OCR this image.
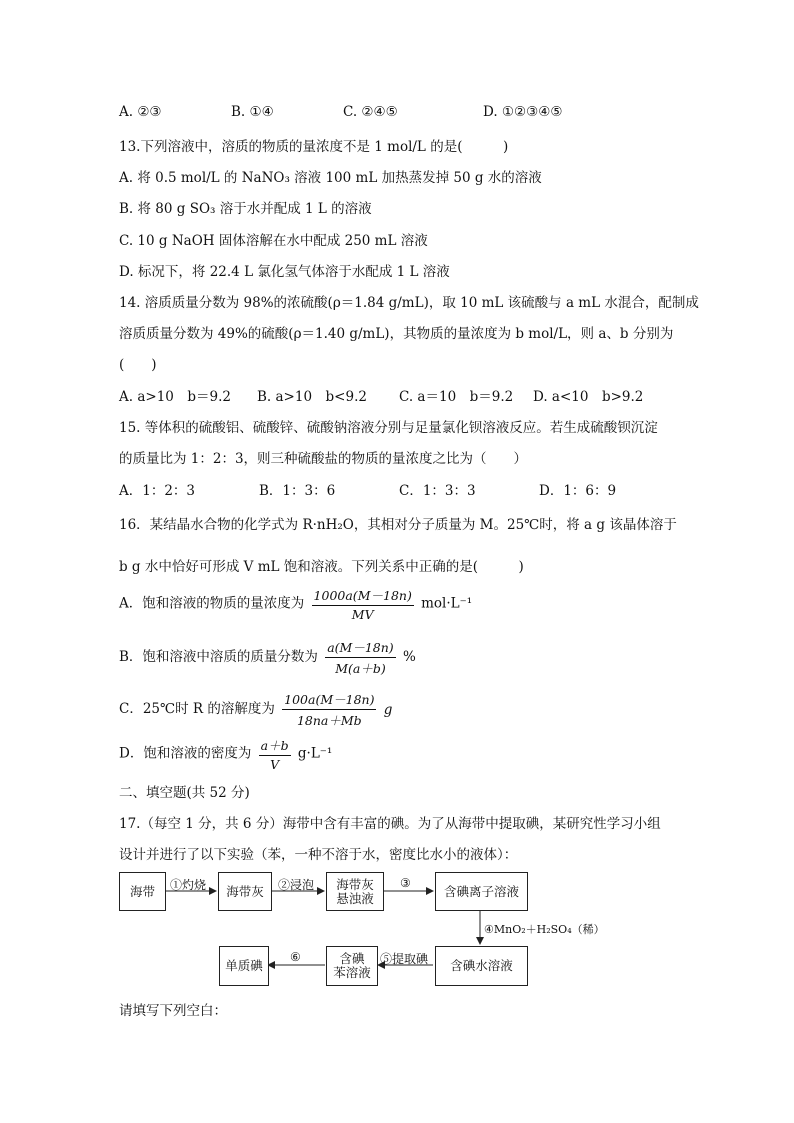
A. ②③	B. ①④	C. ②④⑤	D. ①②③④⑤
13.下列溶液中，溶质的物质的量浓度不是 1 mol/L 的是(　　　)
A. 将 0.5 mol/L 的 NaNO₃ 溶液 100 mL 加热蒸发掉 50 g 水的溶液
B. 将 80 g SO₃ 溶于水并配成 1 L 的溶液
C. 10 g NaOH 固体溶解在水中配成 250 mL 溶液
D. 标况下，将 22.4 L 氯化氢气体溶于水配成 1 L 溶液
14. 溶质质量分数为 98%的浓硫酸(ρ＝1.84 g/mL)，取 10 mL 该硫酸与 a mL 水混合，配制成
溶质质量分数为 49%的硫酸(ρ＝1.40 g/mL)，其物质的量浓度为 b mol/L，则 a、b 分别为
(　　)
A. a>10　b＝9.2 B. a>10　b<9.2 C. a＝10　b＝9.2 D. a<10　b>9.2
15. 等体积的硫酸铝、硫酸锌、硫酸钠溶液分别与足量氯化钡溶液反应。若生成硫酸钡沉淀
的质量比为 1：2：3，则三种硫酸盐的物质的量浓度之比为（　　）
A．1：2：3	B．1：3：6	C．1：3：3	D．1：6：9
16．某结晶水合物的化学式为 R·nH₂O，其相对分子质量为 M。25℃时，将 a g 该晶体溶于
b g 水中恰好可形成 V mL 饱和溶液。下列关系中正确的是(　　　)
A．饱和溶液的物质的量浓度为 $\frac{1000a(M-18n)}{MV} mol\cdot L^{-1}$
B．饱和溶液中溶质的质量分数为 $\frac{a(M-18n)}{M(a+b)}$ %
C．25℃时 R 的溶解度为 $\frac{100a(M-18n)}{18na+Mb}$ g
D．饱和溶液的密度为 $\frac{a+b}{V} g\cdot L^{-1}$
二、填空题(共 52 分)
17.（每空 1 分，共 6 分）海带中含有丰富的碘。为了从海带中提取碘，某研究性学习小组
设计并进行了以下实验（苯，一种不溶于水，密度比水小的液体）：
海带	海带灰	海带灰
悬浊液	含碘离子溶液
含碘水溶液
含碘
苯溶液
单质碘
①灼烧	②浸泡	③
④MnO₂＋H₂SO₄（稀）
⑤提取碘
⑥
请填写下列空白：
